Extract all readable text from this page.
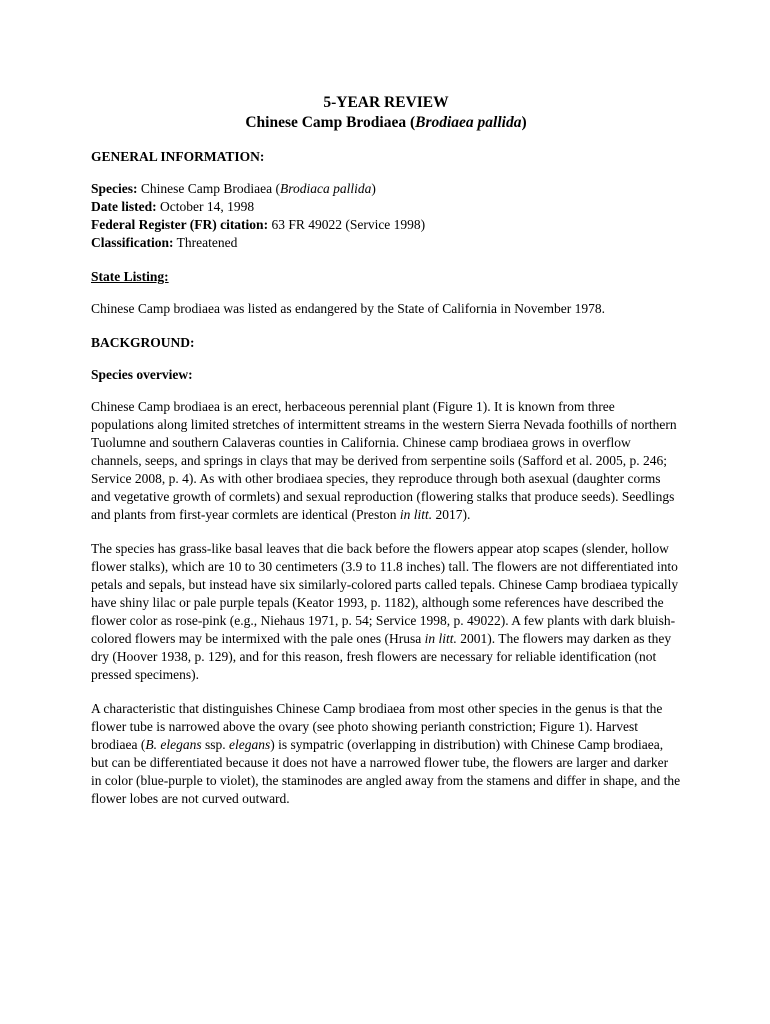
5-YEAR REVIEW

Chinese Camp Brodiaea (Brodiaea pallida)

GENERAL INFORMATION:

Species: Chinese Camp Brodiaea (Brodiaca pallida)

Date listed: October 14, 1998

Federal Register (FR) citation: 63 FR 49022 (Service 1998)

Classification: Threatened

State Listing:

Chinese Camp brodiaea was listed as endangered by the State of California in November 1978.

BACKGROUND:

Species overview:

Chinese Camp brodiaea is an erect, herbaceous perennial plant (Figure 1). It is known from three populations along limited stretches of intermittent streams in the western Sierra Nevada foothills of northern Tuolumne and southern Calaveras counties in California. Chinese camp brodiaea grows in overflow channels, seeps, and springs in clays that may be derived from serpentine soils (Safford et al. 2005, p. 246; Service 2008, p. 4). As with other brodiaea species, they reproduce through both asexual (daughter corms and vegetative growth of cormlets) and sexual reproduction (flowering stalks that produce seeds). Seedlings and plants from first-year cormlets are identical (Preston in litt. 2017).

The species has grass-like basal leaves that die back before the flowers appear atop scapes (slender, hollow flower stalks), which are 10 to 30 centimeters (3.9 to 11.8 inches) tall. The flowers are not differentiated into petals and sepals, but instead have six similarly-colored parts called tepals. Chinese Camp brodiaea typically have shiny lilac or pale purple tepals (Keator 1993, p. 1182), although some references have described the flower color as rose-pink (e.g., Niehaus 1971, p. 54; Service 1998, p. 49022). A few plants with dark bluish-colored flowers may be intermixed with the pale ones (Hrusa in litt. 2001). The flowers may darken as they dry (Hoover 1938, p. 129), and for this reason, fresh flowers are necessary for reliable identification (not pressed specimens).

A characteristic that distinguishes Chinese Camp brodiaea from most other species in the genus is that the flower tube is narrowed above the ovary (see photo showing perianth constriction; Figure 1). Harvest brodiaea (B. elegans ssp. elegans) is sympatric (overlapping in distribution) with Chinese Camp brodiaea, but can be differentiated because it does not have a narrowed flower tube, the flowers are larger and darker in color (blue-purple to violet), the staminodes are angled away from the stamens and differ in shape, and the flower lobes are not curved outward.
